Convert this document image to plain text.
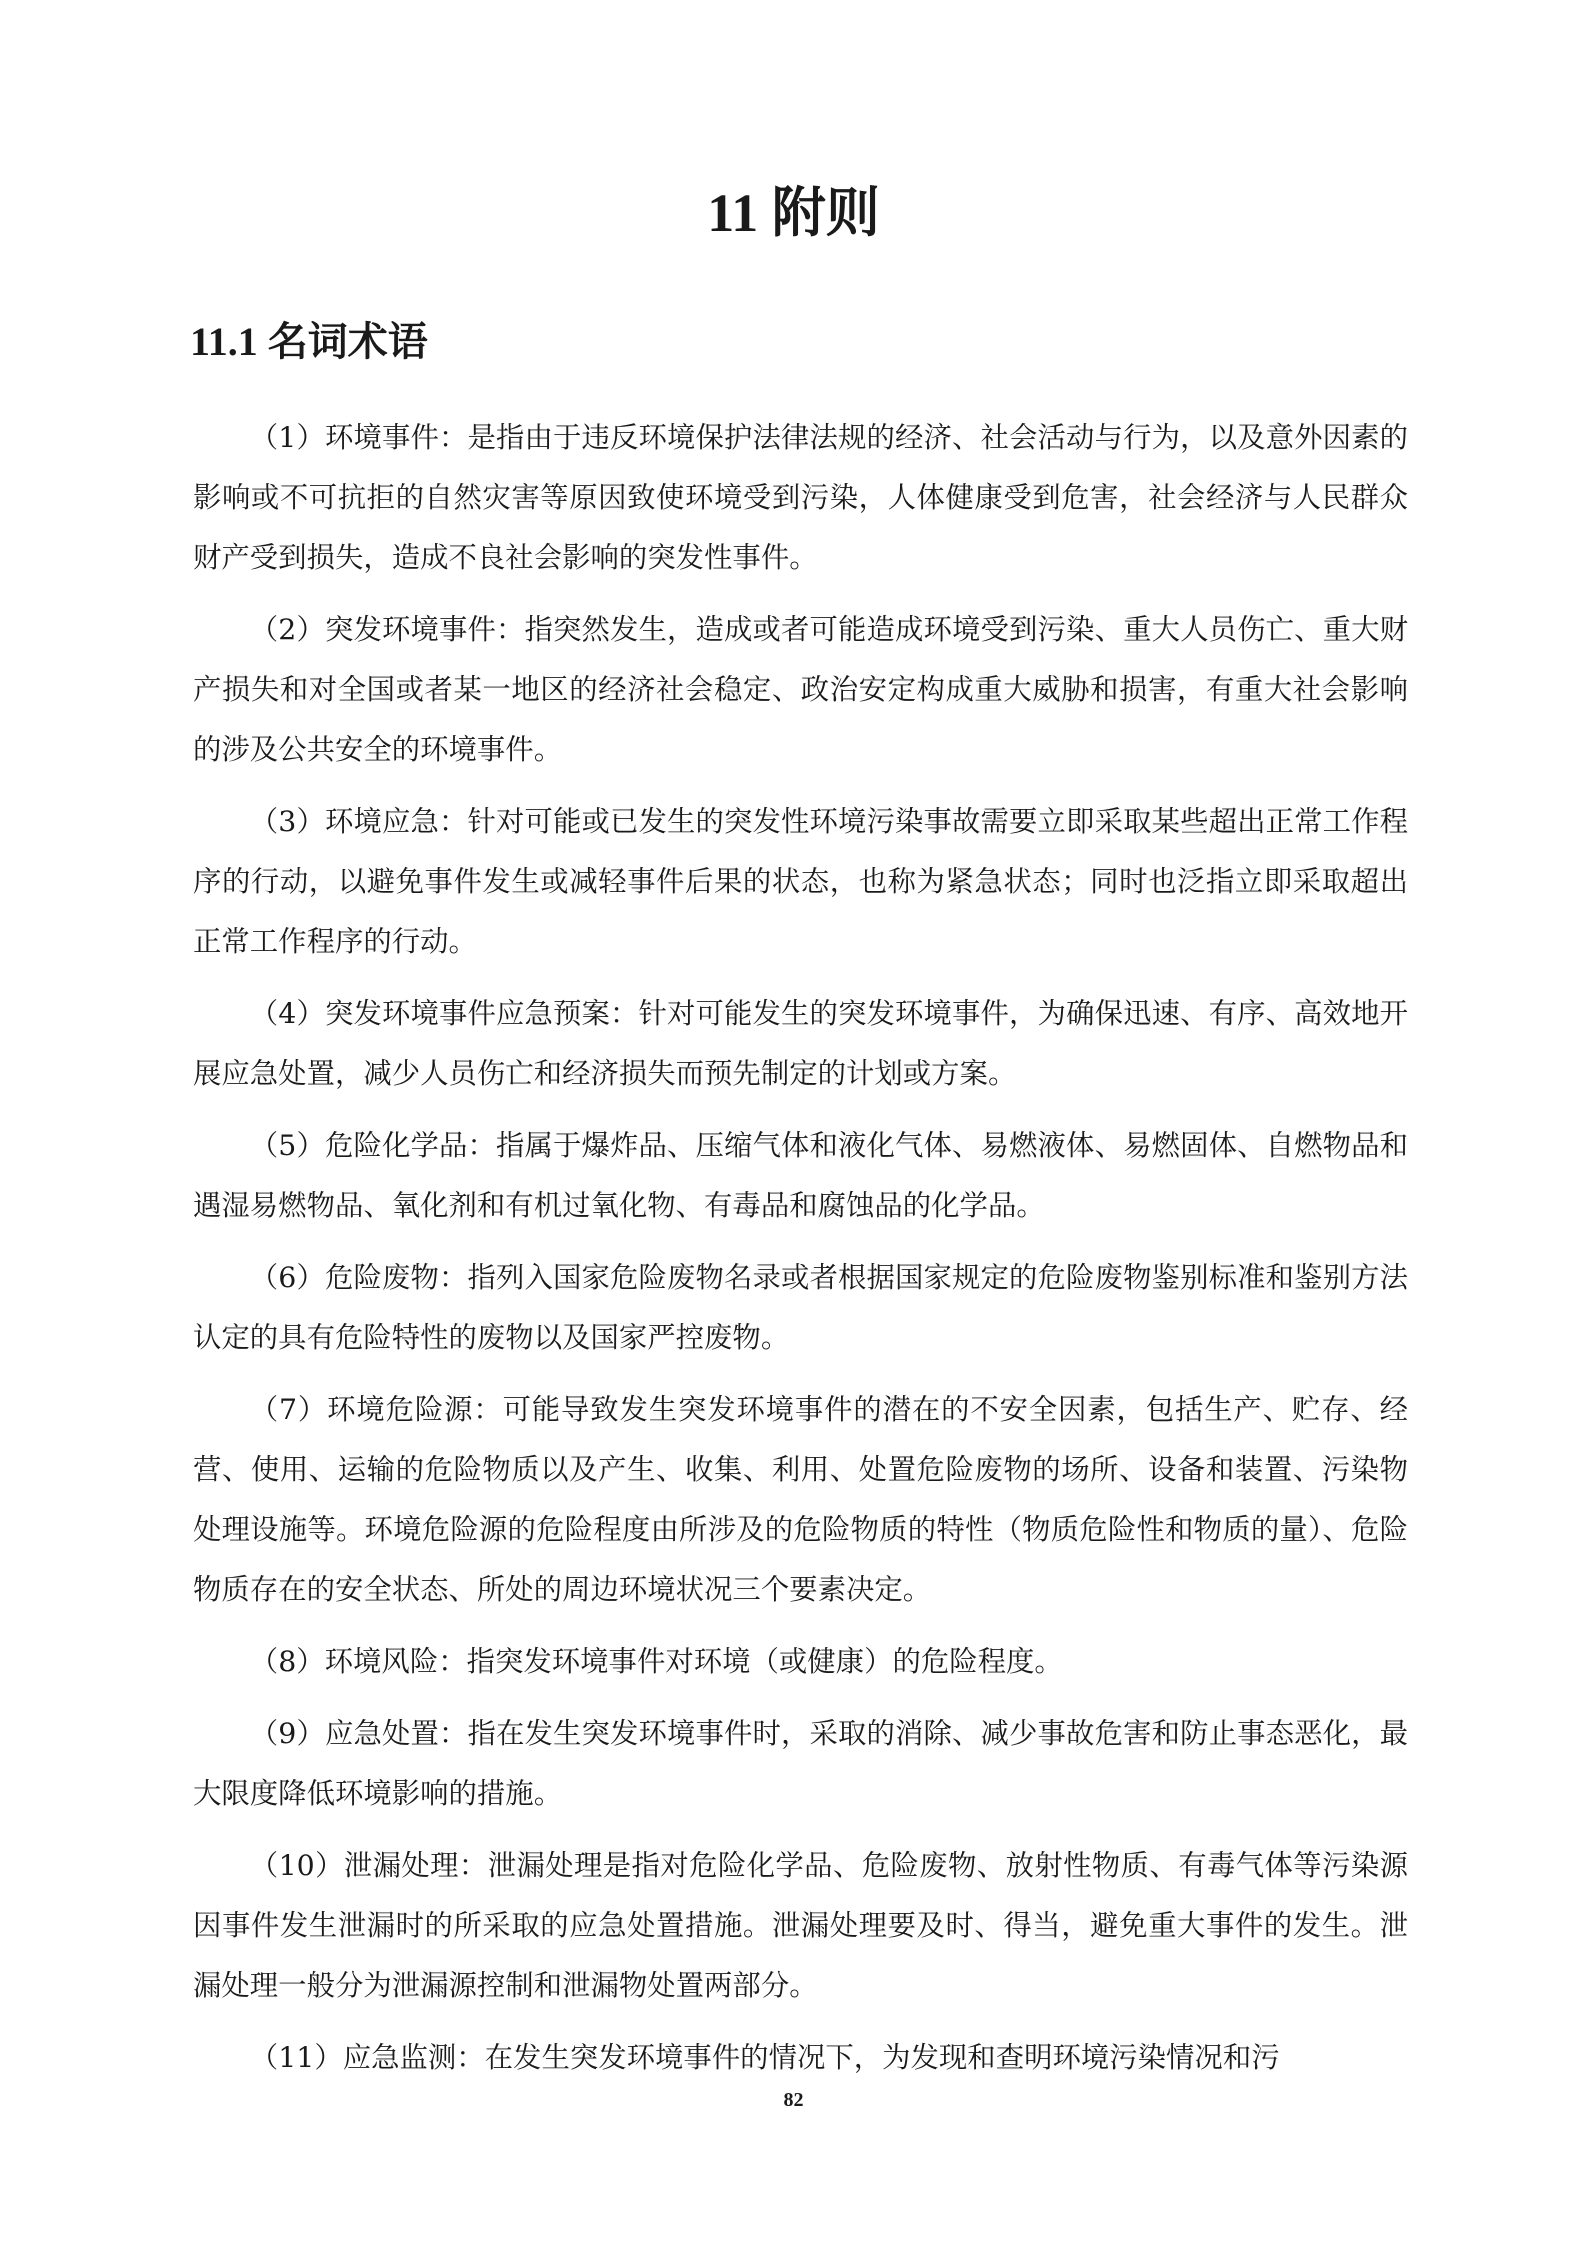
11 附则
11.1 名词术语

（1）环境事件：是指由于违反环境保护法律法规的经济、社会活动与行为，以及意外因素的影响或不可抗拒的自然灾害等原因致使环境受到污染，人体健康受到危害，社会经济与人民群众财产受到损失，造成不良社会影响的突发性事件。

（2）突发环境事件：指突然发生，造成或者可能造成环境受到污染、重大人员伤亡、重大财产损失和对全国或者某一地区的经济社会稳定、政治安定构成重大威胁和损害，有重大社会影响的涉及公共安全的环境事件。

（3）环境应急：针对可能或已发生的突发性环境污染事故需要立即采取某些超出正常工作程序的行动，以避免事件发生或减轻事件后果的状态，也称为紧急状态；同时也泛指立即采取超出正常工作程序的行动。

（4）突发环境事件应急预案：针对可能发生的突发环境事件，为确保迅速、有序、高效地开展应急处置，减少人员伤亡和经济损失而预先制定的计划或方案。

（5）危险化学品：指属于爆炸品、压缩气体和液化气体、易燃液体、易燃固体、自燃物品和遇湿易燃物品、氧化剂和有机过氧化物、有毒品和腐蚀品的化学品。

（6）危险废物：指列入国家危险废物名录或者根据国家规定的危险废物鉴别标准和鉴别方法认定的具有危险特性的废物以及国家严控废物。

（7）环境危险源：可能导致发生突发环境事件的潜在的不安全因素，包括生产、贮存、经营、使用、运输的危险物质以及产生、收集、利用、处置危险废物的场所、设备和装置、污染物处理设施等。环境危险源的危险程度由所涉及的危险物质的特性（物质危险性和物质的量）、危险物质存在的安全状态、所处的周边环境状况三个要素决定。

（8）环境风险：指突发环境事件对环境（或健康）的危险程度。

（9）应急处置：指在发生突发环境事件时，采取的消除、减少事故危害和防止事态恶化，最大限度降低环境影响的措施。

（10）泄漏处理：泄漏处理是指对危险化学品、危险废物、放射性物质、有毒气体等污染源因事件发生泄漏时的所采取的应急处置措施。泄漏处理要及时、得当，避免重大事件的发生。泄漏处理一般分为泄漏源控制和泄漏物处置两部分。

（11）应急监测：在发生突发环境事件的情况下，为发现和查明环境污染情况和污

82
